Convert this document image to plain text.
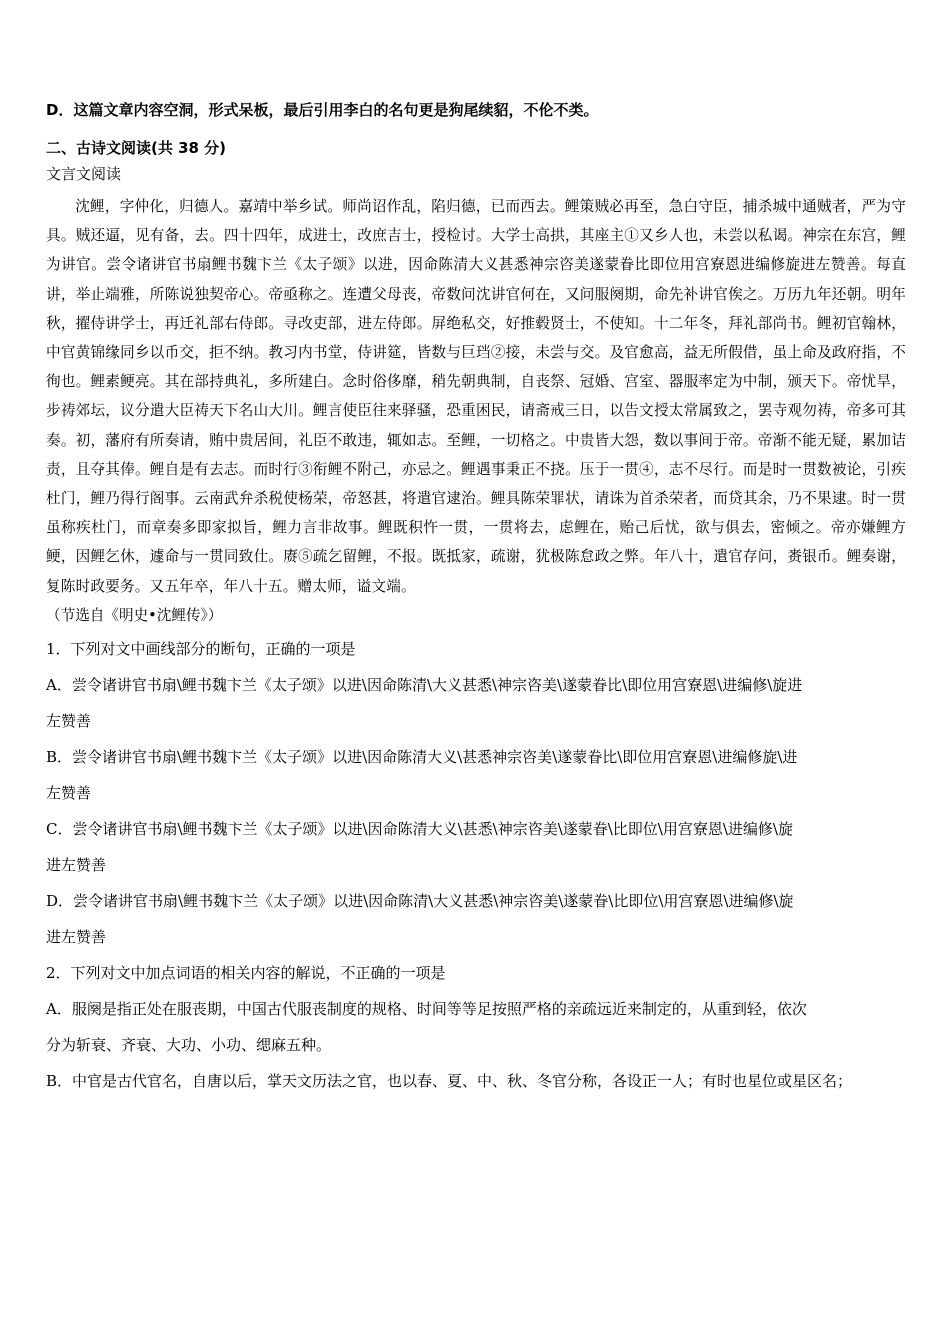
D．这篇文章内容空洞，形式呆板，最后引用李白的名句更是狗尾续貂，不伦不类。
二、古诗文阅读(共 38 分)
文言文阅读

沈鲤，字仲化，归德人。嘉靖中举乡试。师尚诏作乱，陷归德，已而西去。鲤策贼必再至，急白守臣，捕杀城中通贼者，严为守具。贼还逼，见有备，去。四十四年，成进士，改庶吉士，授检讨。大学士高拱，其座主①又乡人也，未尝以私谒。神宗在东宫，鲤为讲官。尝令诸讲官书扇鲤书魏卞兰《太子颂》以进，因命陈清大义甚悉神宗咨美遂蒙眷比即位用宫寮恩进编修旋进左赞善。每直讲，举止端雅，所陈说独契帝心。帝亟称之。连遭父母丧，帝数问沈讲官何在，又问服阕期，命先补讲官俟之。万历九年还朝。明年秋，擢侍讲学士，再迁礼部右侍郎。寻改吏部，进左侍郎。屏绝私交，好推毂贤士，不使知。十二年冬，拜礼部尚书。鲤初官翰林，中官黄锦缘同乡以币交，拒不纳。教习内书堂，侍讲筵，皆数与巨珰②接，未尝与交。及官愈高，益无所假借，虽上命及政府指，不徇也。鲤素鲠亮。其在部持典礼，多所建白。念时俗侈靡，稍先朝典制，自丧祭、冠婚、宫室、器服率定为中制，颁天下。帝忧旱，步祷郊坛，议分遣大臣祷天下名山大川。鲤言使臣往来驿骚，恐重困民，请斋戒三日，以告文授太常属致之，罢寺观勿祷，帝多可其奏。初，藩府有所奏请，贿中贵居间，礼臣不敢违，辄如志。至鲤，一切格之。中贵皆大怨，数以事间于帝。帝渐不能无疑，累加诘责，且夺其俸。鲤自是有去志。而时行③衔鲤不附己，亦忌之。鲤遇事秉正不挠。压于一贯④，志不尽行。而是时一贯数被论，引疾杜门，鲤乃得行阁事。云南武弁杀税使杨荣，帝怒甚，将遣官逮治。鲤具陈荣罪状，请诛为首杀荣者，而贷其余，乃不果逮。时一贯虽称疾杜门，而章奏多即家拟旨，鲤力言非故事。鲤既积忤一贯，一贯将去，虑鲤在，贻己后忧，欲与俱去，密倾之。帝亦嫌鲤方鲠，因鲤乞休，遽命与一贯同致仕。赓⑤疏乞留鲤，不报。既抵家，疏谢，犹极陈怠政之弊。年八十，遣官存问，赉银币。鲤奏谢，复陈时政要务。又五年卒，年八十五。赠太师，谥文端。

（节选自《明史•沈鲤传》）
1．下列对文中画线部分的断句，正确的一项是
A．尝令诸讲官书扇\鲤书魏卞兰《太子颂》以进\因命陈清\大义甚悉\神宗咨美\遂蒙眷比\即位用宫寮恩\进编修\旋进
左赞善
B．尝令诸讲官书扇\鲤书魏卞兰《太子颂》以进\因命陈清大义\甚悉神宗咨美\遂蒙眷比\即位用宫寮恩\进编修旋\进
左赞善
C．尝令诸讲官书扇\鲤书魏卞兰《太子颂》以进\因命陈清大义\甚悉\神宗咨美\遂蒙眷\比即位\用宫寮恩\进编修\旋
进左赞善
D．尝令诸讲官书扇\鲤书魏卞兰《太子颂》以进\因命陈清\大义甚悉\神宗咨美\遂蒙眷\比即位\用宫寮恩\进编修\旋
进左赞善
2．下列对文中加点词语的相关内容的解说，不正确的一项是
A．服阕是指正处在服丧期，中国古代服丧制度的规格、时间等等足按照严格的亲疏远近来制定的，从重到轻，依次
分为斩衰、齐衰、大功、小功、缌麻五种。
B．中官是古代官名，自唐以后，掌天文历法之官，也以春、夏、中、秋、冬官分称，各设正一人；有时也星位或星区名；
